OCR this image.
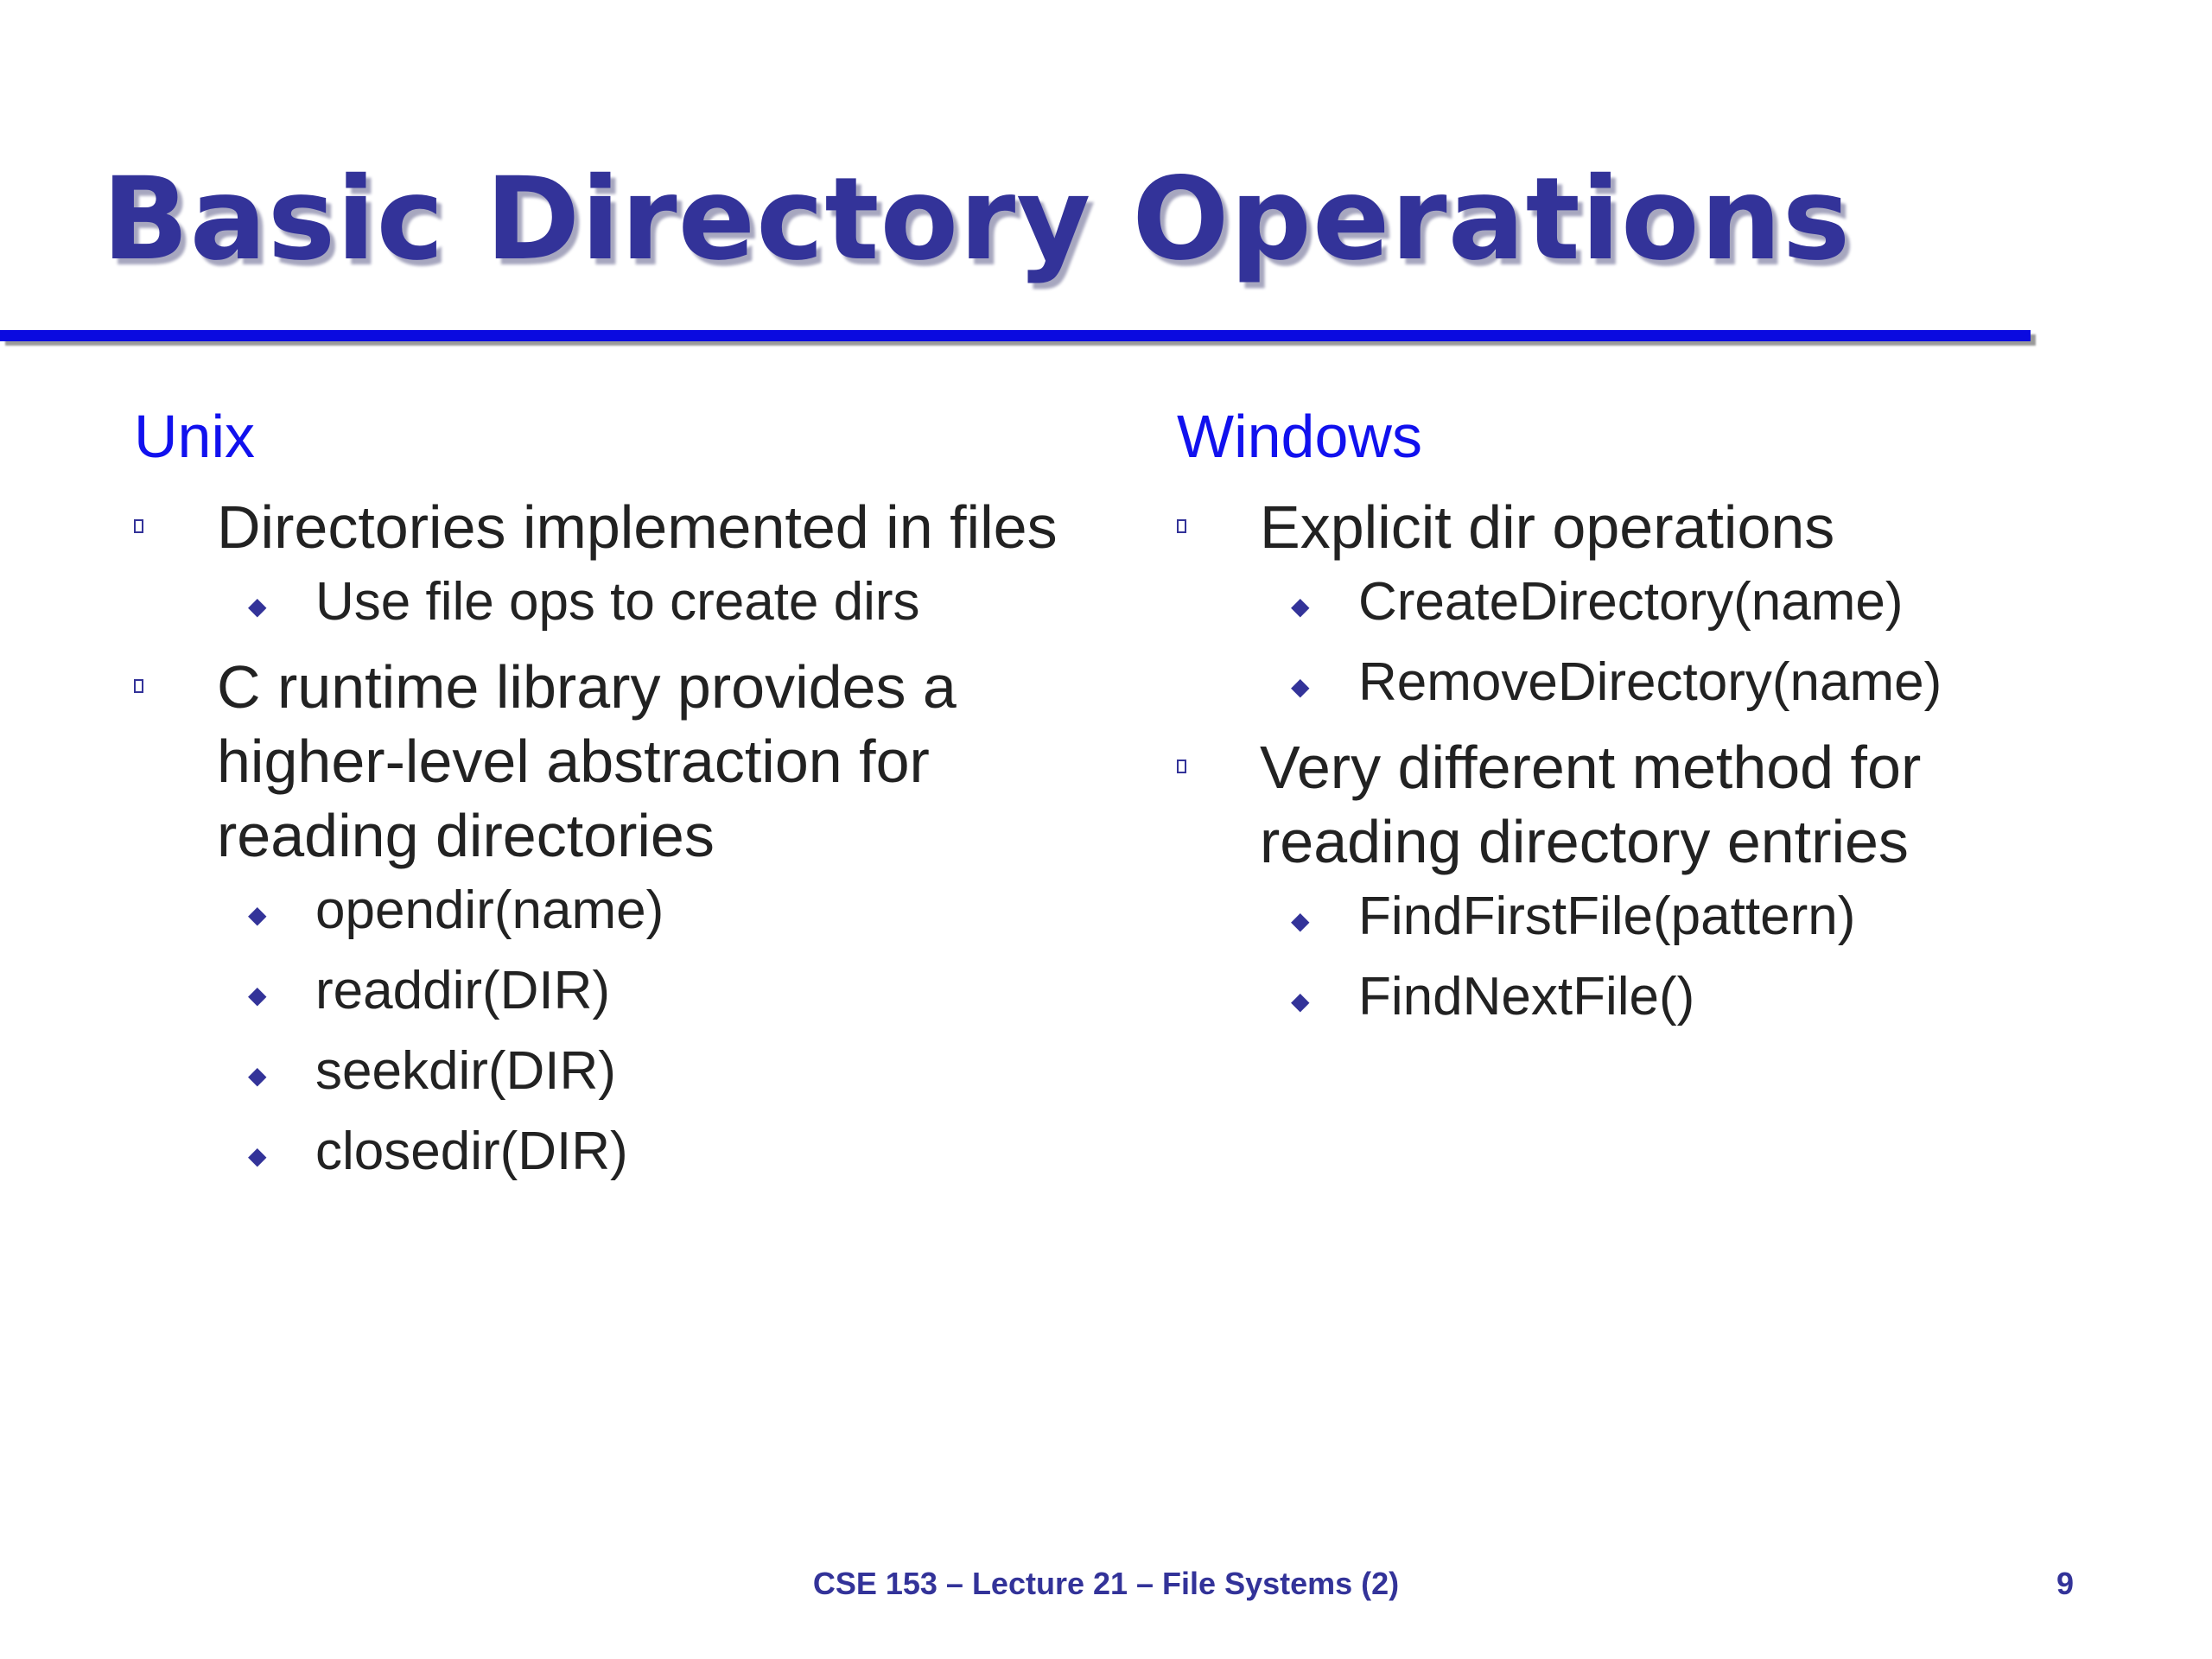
Basic Directory Operations
Unix
Directories implemented in files
◆ Use file ops to create dirs
C runtime library provides a
higher-level abstraction for
reading directories
◆ opendir(name)
◆ readdir(DIR)
◆ seekdir(DIR)
◆ closedir(DIR)
Windows
Explicit dir operations
◆ CreateDirectory(name)
◆ RemoveDirectory(name)
Very different method for
reading directory entries
◆ FindFirstFile(pattern)
◆ FindNextFile()
CSE 153 – Lecture 21 – File Systems (2)	9
